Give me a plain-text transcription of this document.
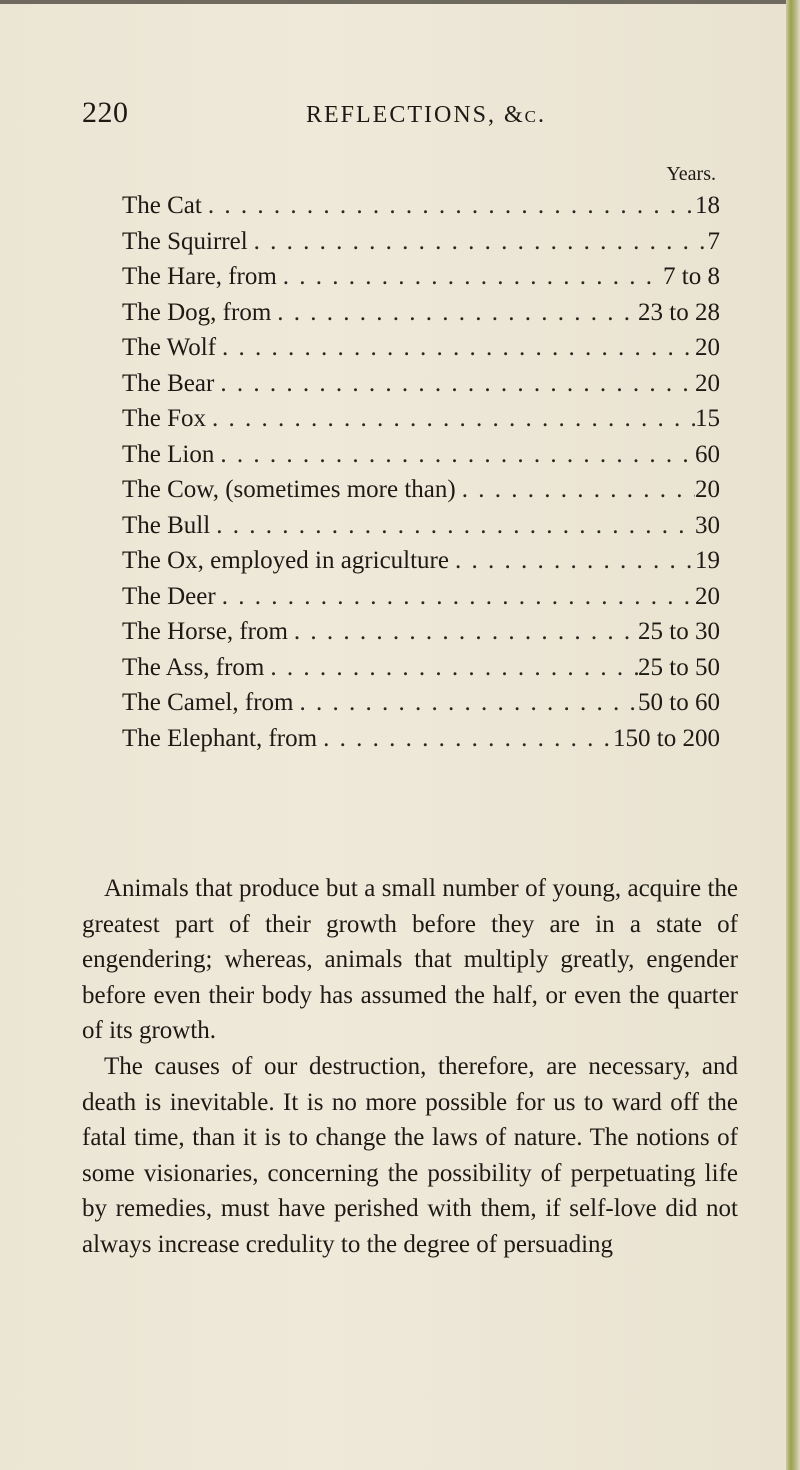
220	REFLECTIONS, &c.
Years.
The Cat . . .	18
The Squirrel . . .	7
The Hare, from . . .	7 to 8
The Dog, from . . .	23 to 28
The Wolf . . .	20
The Bear . . .	20
The Fox . . .	15
The Lion . . .	60
The Cow, (sometimes more than) . . .	20
The Bull . . .	30
The Ox, employed in agriculture . . .	19
The Deer . . .	20
The Horse, from . . .	25 to 30
The Ass, from . . .	25 to 50
The Camel, from . . .	50 to 60
The Elephant, from . . .	150 to 200

Animals that produce but a small number of young, acquire the greatest part of their growth before they are in a state of engendering; whereas, animals that multiply greatly, engender before even their body has assumed the half, or even the quarter of its growth.

The causes of our destruction, therefore, are necessary, and death is inevitable. It is no more possible for us to ward off the fatal time, than it is to change the laws of nature. The notions of some visionaries, concerning the possibility of perpetuating life by remedies, must have perished with them, if self-love did not always increase credulity to the degree of persuading
